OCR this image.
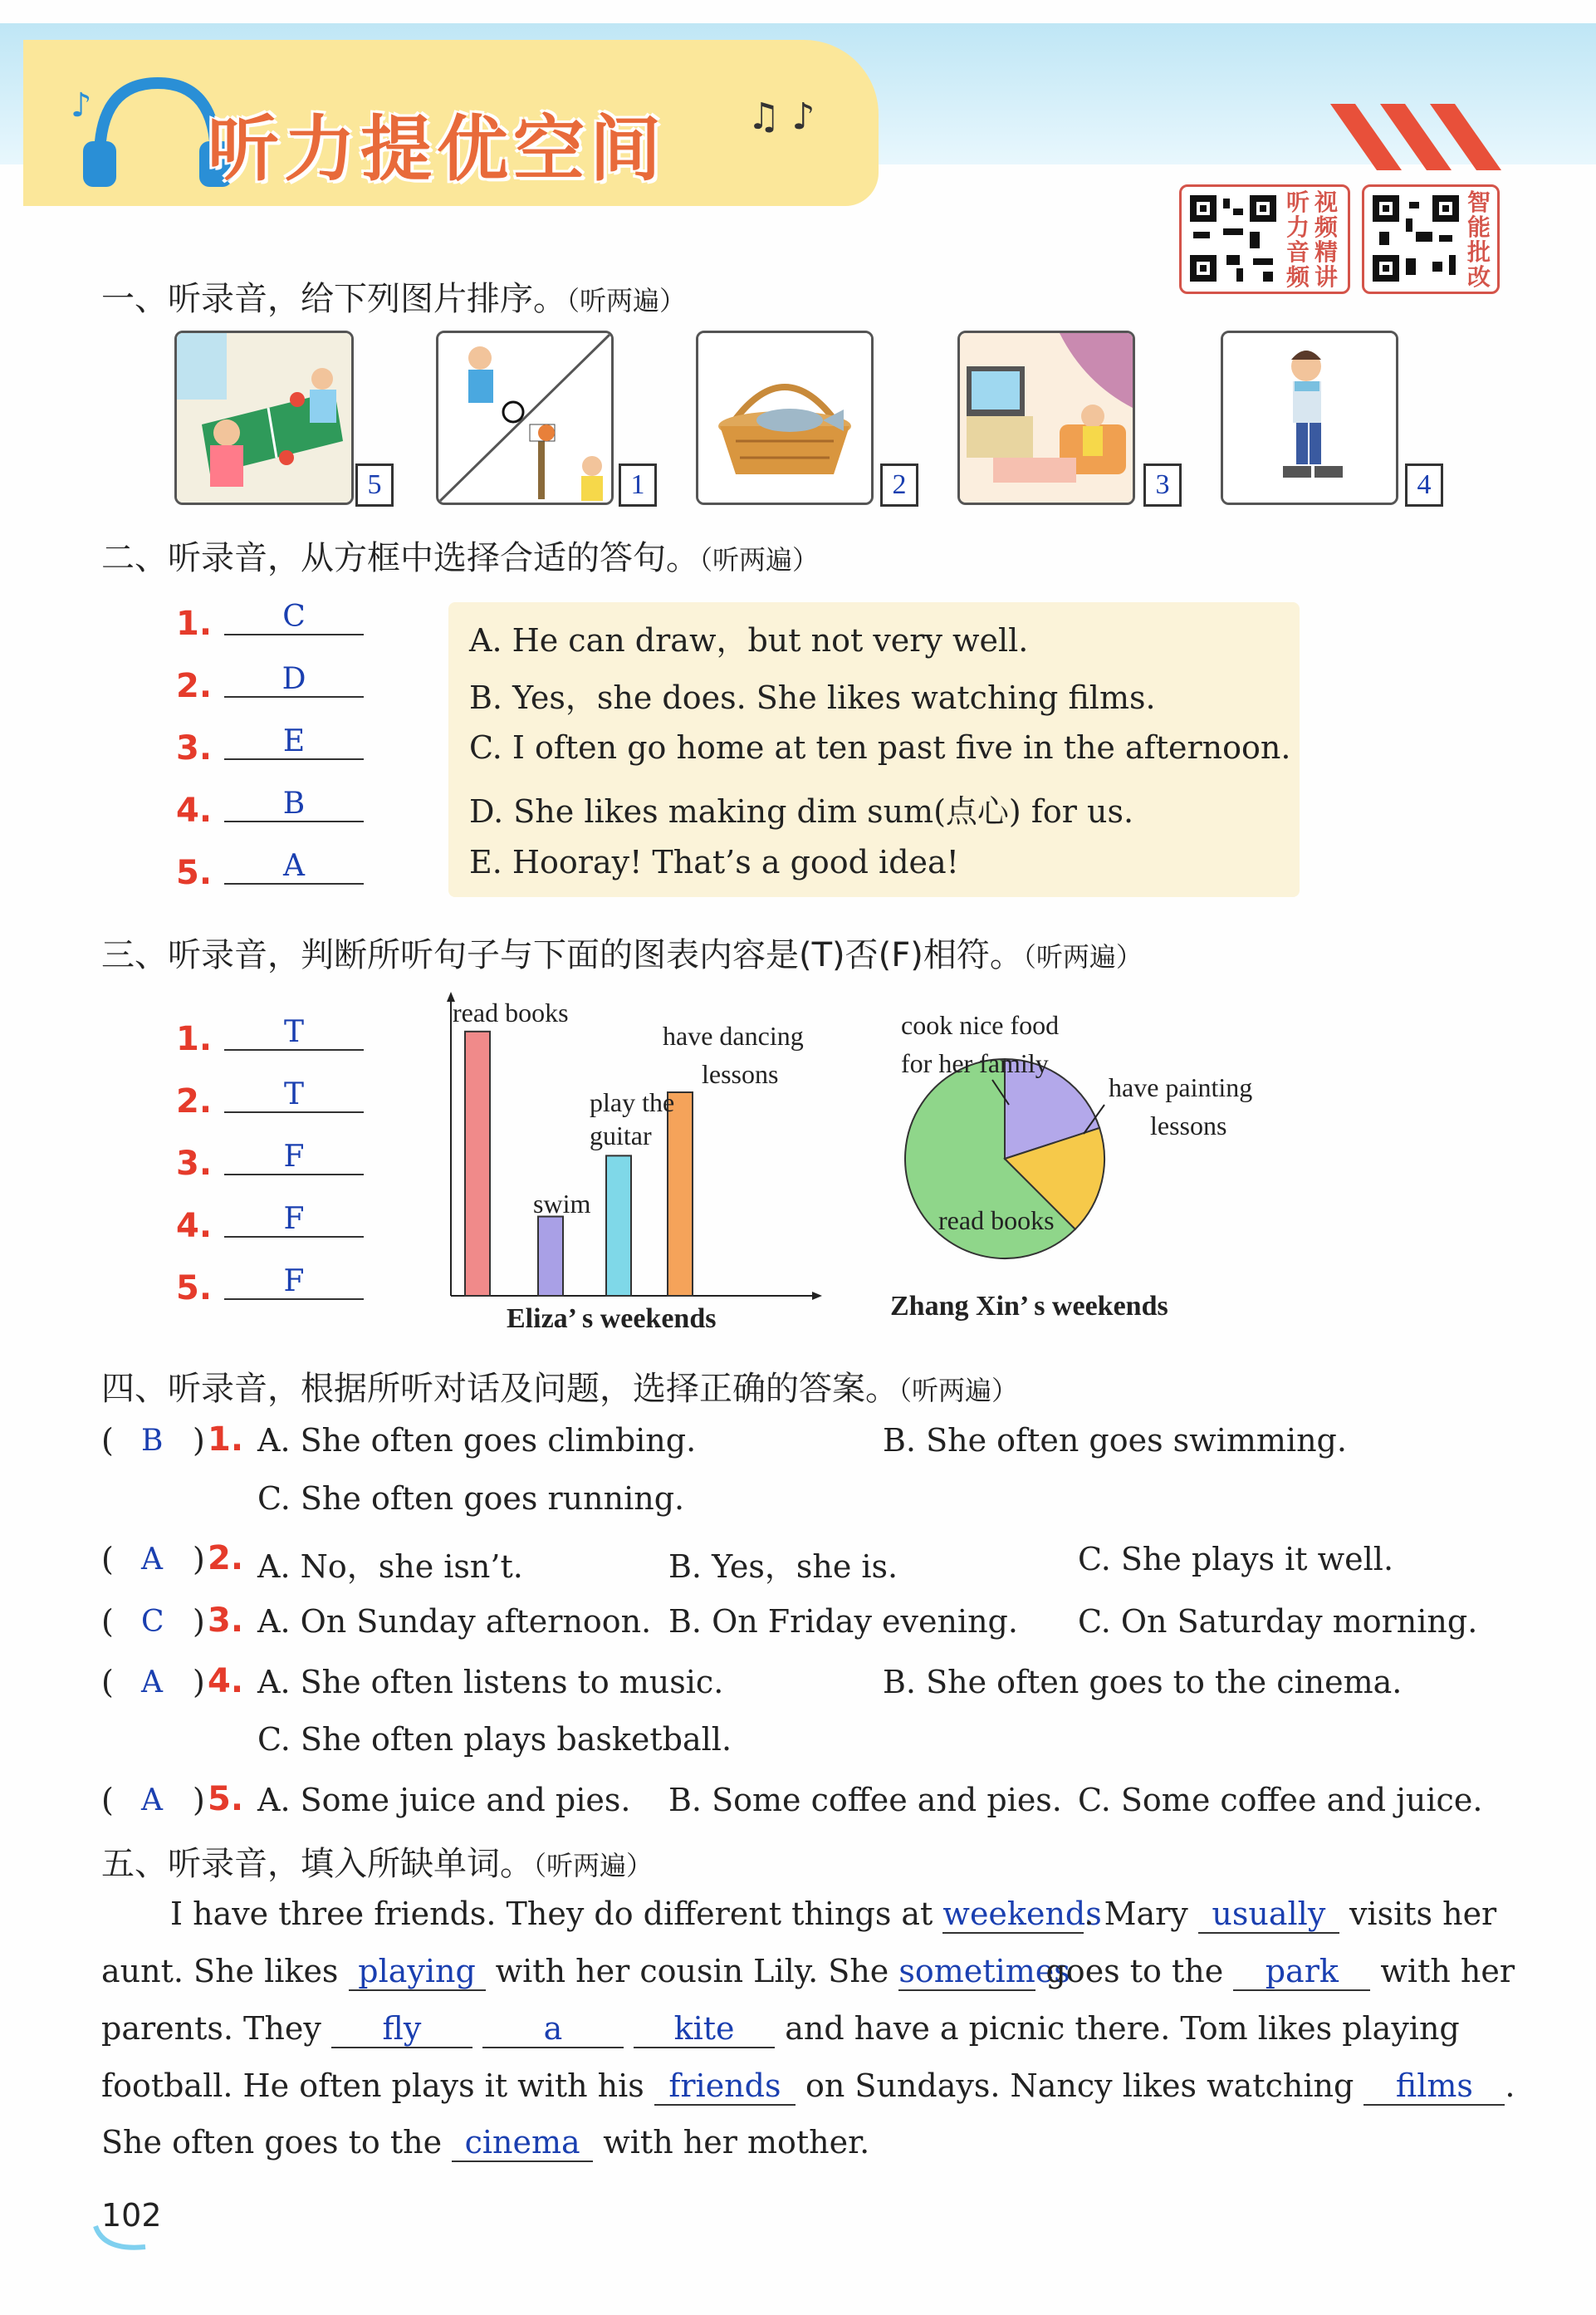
♪
听力提优空间 ♫ ♪
听力音频
视频精讲
智能批改
一、听录音，给下列图片排序。（听两遍）
5	1	2	3	4
二、听录音，从方框中选择合适的答句。（听两遍）
1.	C
2.	D
3.	E
4.	B
5.	A
A. He can draw，but not very well.
B. Yes，she does. She likes watching films.
C. I often go home at ten past five in the afternoon.
D. She likes making dim sum(点心) for us.
E. Hooray! That’s a good idea!
三、听录音，判断所听句子与下面的图表内容是(T)否(F)相符。（听两遍）
1.	T
2.	T
3.	F
4.	F
5.	F
read books
swim
play the guitar
have dancing lessons
Eliza’ s weekends
cook nice food for her family
have painting lessons
read books
Zhang Xin’ s weekends
四、听录音，根据所听对话及问题，选择正确的答案。（听两遍）
( B ) 1. A. She often goes climbing.	B. She often goes swimming.
C. She often goes running.
( A ) 2. A. No，she isn’t.	B. Yes，she is.	C. She plays it well.
( C ) 3. A. On Sunday afternoon. B. On Friday evening. C. On Saturday morning.
( A ) 4. A. She often listens to music.	B. She often goes to the cinema.
C. She often plays basketball.
( A ) 5. A. Some juice and pies. B. Some coffee and pies. C. Some coffee and juice.
五、听录音，填入所缺单词。（听两遍）
I have three friends. They do different things at weekends. Mary usually visits her
aunt. She likes playing with her cousin Lily. She sometimes goes to the park with her
parents. They fly	a	kite and have a picnic there. Tom likes playing
football. He often plays it with his friends on Sundays. Nancy likes watching films .
She often goes to the cinema with her mother.
102
